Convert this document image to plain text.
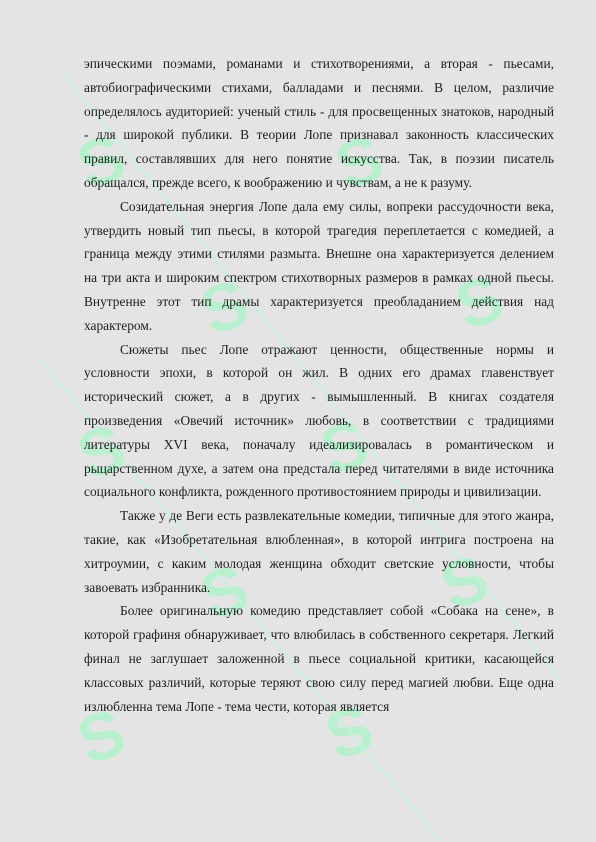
S
S
S
S
S
S
S
S
S
S

эпическими поэмами, романами и стихотворениями, а вторая - пьесами, автобиографическими стихами, балладами и песнями. В целом, различие определялось аудиторией: ученый стиль - для просвещенных знатоков, народный - для широкой публики. В теории Лопе признавал законность классических правил, составлявших для него понятие искусства. Так, в поэзии писатель обращался, прежде всего, к воображению и чувствам, а не к разуму.

Созидательная энергия Лопе дала ему силы, вопреки рассудочности века, утвердить новый тип пьесы, в которой трагедия переплетается с комедией, а граница между этими стилями размыта. Внешне она характеризуется делением на три акта и широким спектром стихотворных размеров в рамках одной пьесы. Внутренне этот тип драмы характеризуется преобладанием действия над характером.

Сюжеты пьес Лопе отражают ценности, общественные нормы и условности эпохи, в которой он жил. В одних его драмах главенствует исторический сюжет, а в других - вымышленный. В книгах создателя произведения «Овечий источник» любовь, в соответствии с традициями литературы XVI века, поначалу идеализировалась в романтическом и рыцарственном духе, а затем она предстала перед читателями в виде источника социального конфликта, рожденного противостоянием природы и цивилизации.

Также у де Веги есть развлекательные комедии, типичные для этого жанра, такие, как «Изобретательная влюбленная», в которой интрига построена на хитроумии, с каким молодая женщина обходит светские условности, чтобы завоевать избранника.

Более оригинальную комедию представляет собой «Собака на сене», в которой графиня обнаруживает, что влюбилась в собственного секретаря. Легкий финал не заглушает заложенной в пьесе социальной критики, касающейся классовых различий, которые теряют свою силу перед магией любви. Еще одна излюбленна тема Лопе - тема чести, которая является
